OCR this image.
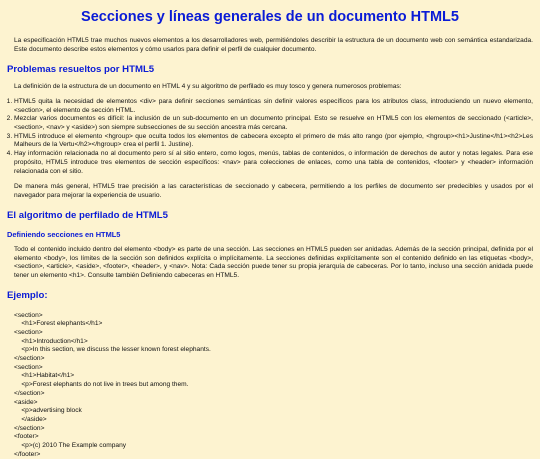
Secciones y líneas generales de un documento HTML5

La especificación HTML5 trae muchos nuevos elementos a los desarrolladores web, permitiéndoles describir la estructura de un documento web con semántica estandarizada. Este documento describe estos elementos y cómo usarlos para definir el perfil de cualquier documento.

Problemas resueltos por HTML5

La definición de la estructura de un documento en HTML 4 y su algoritmo de perfilado es muy tosco y genera numerosos problemas:

1. HTML5 quita la necesidad de elementos <div> para definir secciones semánticas sin definir valores específicos para los atributos class, introduciendo un nuevo elemento, <section>, el elemento de sección HTML.
2. Mezclar varios documentos es difícil: la inclusión de un sub-documento en un documento principal. Esto se resuelve en HTML5 con los elementos de seccionado (<article>, <section>, <nav> y <aside>) son siempre subsecciones de su sección ancestra más cercana.
3. HTML5 introduce el elemento <hgroup> que oculta todos los elementos de cabecera excepto el primero de más alto rango (por ejemplo, <hgroup><h1>Justine</h1><h2>Les Malheurs de la Vertu</h2></hgroup> crea el perfil 1. Justine).
4. Hay información relacionada no al documento pero sí al sitio entero, como logos, menús, tablas de contenidos, o información de derechos de autor y notas legales. Para ese propósito, HTML5 introduce tres elementos de sección específicos: <nav> para colecciones de enlaces, como una tabla de contenidos, <footer> y <header> información relacionada con el sitio.

De manera más general, HTML5 trae precisión a las características de seccionado y cabecera, permitiendo a los perfiles de documento ser predecibles y usados por el navegador para mejorar la experiencia de usuario.

El algoritmo de perfilado de HTML5
Definiendo secciones en HTML5

Todo el contenido incluido dentro del elemento <body> es parte de una sección. Las secciones en HTML5 pueden ser anidadas. Además de la sección principal, definida por el elemento <body>, los límites de la sección son definidos explícita o implícitamente. La secciones definidas explícitamente son el contenido definido en las etiquetas <body>, <section>, <article>, <aside>, <footer>, <header>, y <nav>. Nota: Cada sección puede tener su propia jerarquía de cabeceras. Por lo tanto, incluso una sección anidada puede tener un elemento <h1>. Consulte también Definiendo cabeceras en HTML5.

Ejemplo:
<section>
<h1>Forest elephants</h1>
<section>
<h1>Introduction</h1>
<p>In this section, we discuss the lesser known forest elephants.
</section>
<section>
<h1>Habitat</h1>
<p>Forest elephants do not live in trees but among them.
</section>
<aside>
<p>advertising block
</aside>
</section>
<footer>
<p>(c) 2010 The Example company
</footer>
